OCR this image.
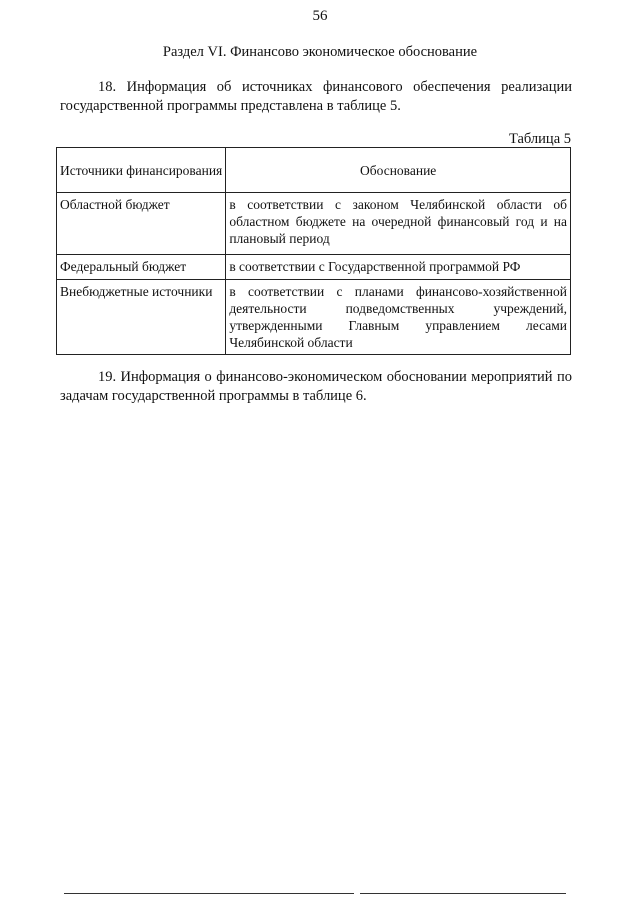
56
Раздел VI. Финансово экономическое обоснование
18. Информация об источниках финансового обеспечения реализации государственной программы представлена в таблице 5.
Таблица 5
Источники финансирования	Обоснование
Областной бюджет	в соответствии с законом Челябинской области об областном бюджете на очередной финансовый год и на плановый период
Федеральный бюджет	в соответствии с Государственной программой РФ
Внебюджетные источники	в соответствии с планами финансово-хозяйственной деятельности подведомственных учреждений, утвержденными Главным управлением лесами Челябинской области
19. Информация о финансово-экономическом обосновании мероприятий по задачам государственной программы в таблице 6.
